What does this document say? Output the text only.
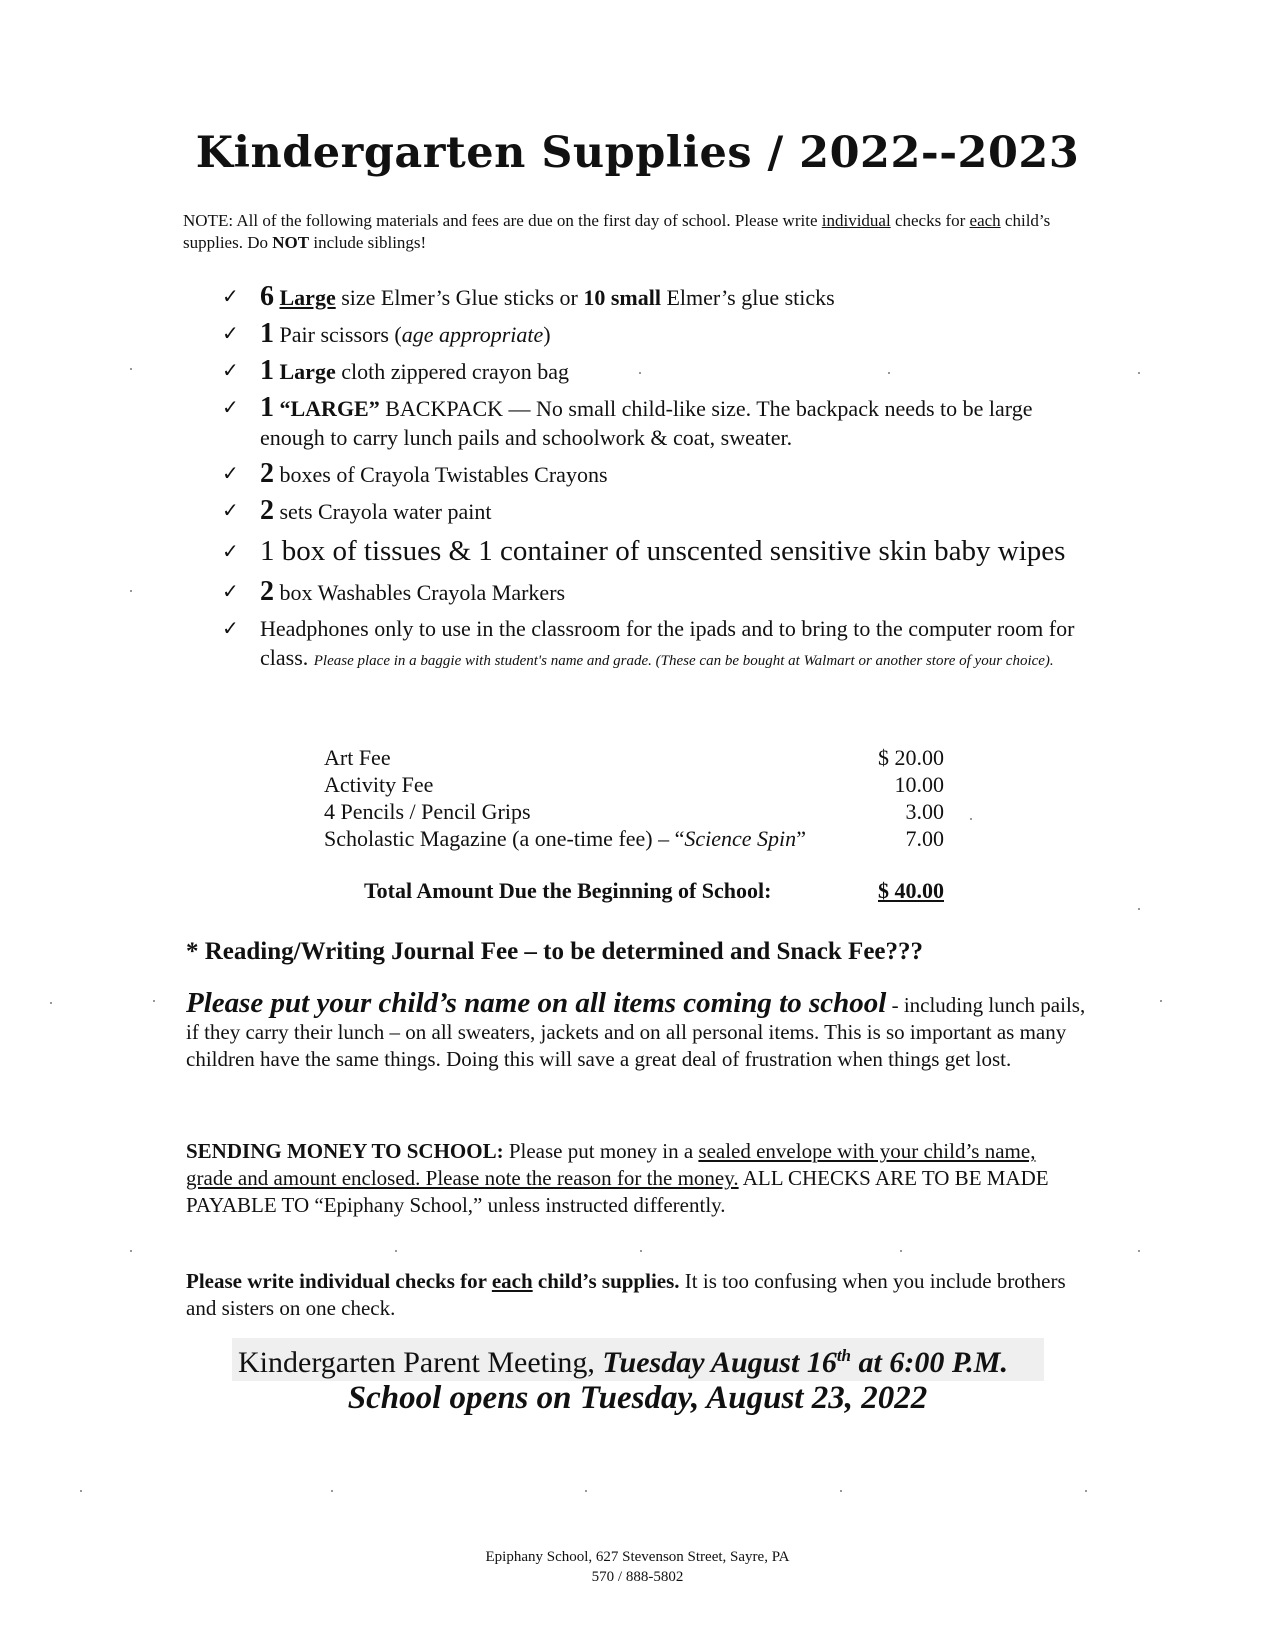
Kindergarten Supplies / 2022--2023
NOTE: All of the following materials and fees are due on the first day of school. Please write individual checks for each child’s supplies. Do NOT include siblings!
✓ 6 Large size Elmer’s Glue sticks or 10 small Elmer’s glue sticks
✓ 1 Pair scissors (age appropriate)
✓ 1 Large cloth zippered crayon bag
✓ 1 “LARGE” BACKPACK — No small child-like size. The backpack needs to be large enough to carry lunch pails and schoolwork & coat, sweater.
✓ 2 boxes of Crayola Twistables Crayons
✓ 2 sets Crayola water paint
✓ 1 box of tissues & 1 container of unscented sensitive skin baby wipes
✓ 2 box Washables Crayola Markers
✓ Headphones only to use in the classroom for the ipads and to bring to the computer room for class. Please place in a baggie with student's name and grade. (These can be bought at Walmart or another store of your choice).
Art Fee	$ 20.00
Activity Fee	10.00
4 Pencils / Pencil Grips	3.00
Scholastic Magazine (a one-time fee) – “Science Spin”	7.00
Total Amount Due the Beginning of School:	$ 40.00
* Reading/Writing Journal Fee – to be determined and Snack Fee???
Please put your child’s name on all items coming to school - including lunch pails, if they carry their lunch – on all sweaters, jackets and on all personal items. This is so important as many children have the same things. Doing this will save a great deal of frustration when things get lost.
SENDING MONEY TO SCHOOL: Please put money in a sealed envelope with your child’s name, grade and amount enclosed. Please note the reason for the money. ALL CHECKS ARE TO BE MADE PAYABLE TO “Epiphany School,” unless instructed differently.
Please write individual checks for each child’s supplies. It is too confusing when you include brothers and sisters on one check.
Kindergarten Parent Meeting, Tuesday August 16th at 6:00 P.M.
School opens on Tuesday, August 23, 2022
Epiphany School, 627 Stevenson Street, Sayre, PA
570 / 888-5802
